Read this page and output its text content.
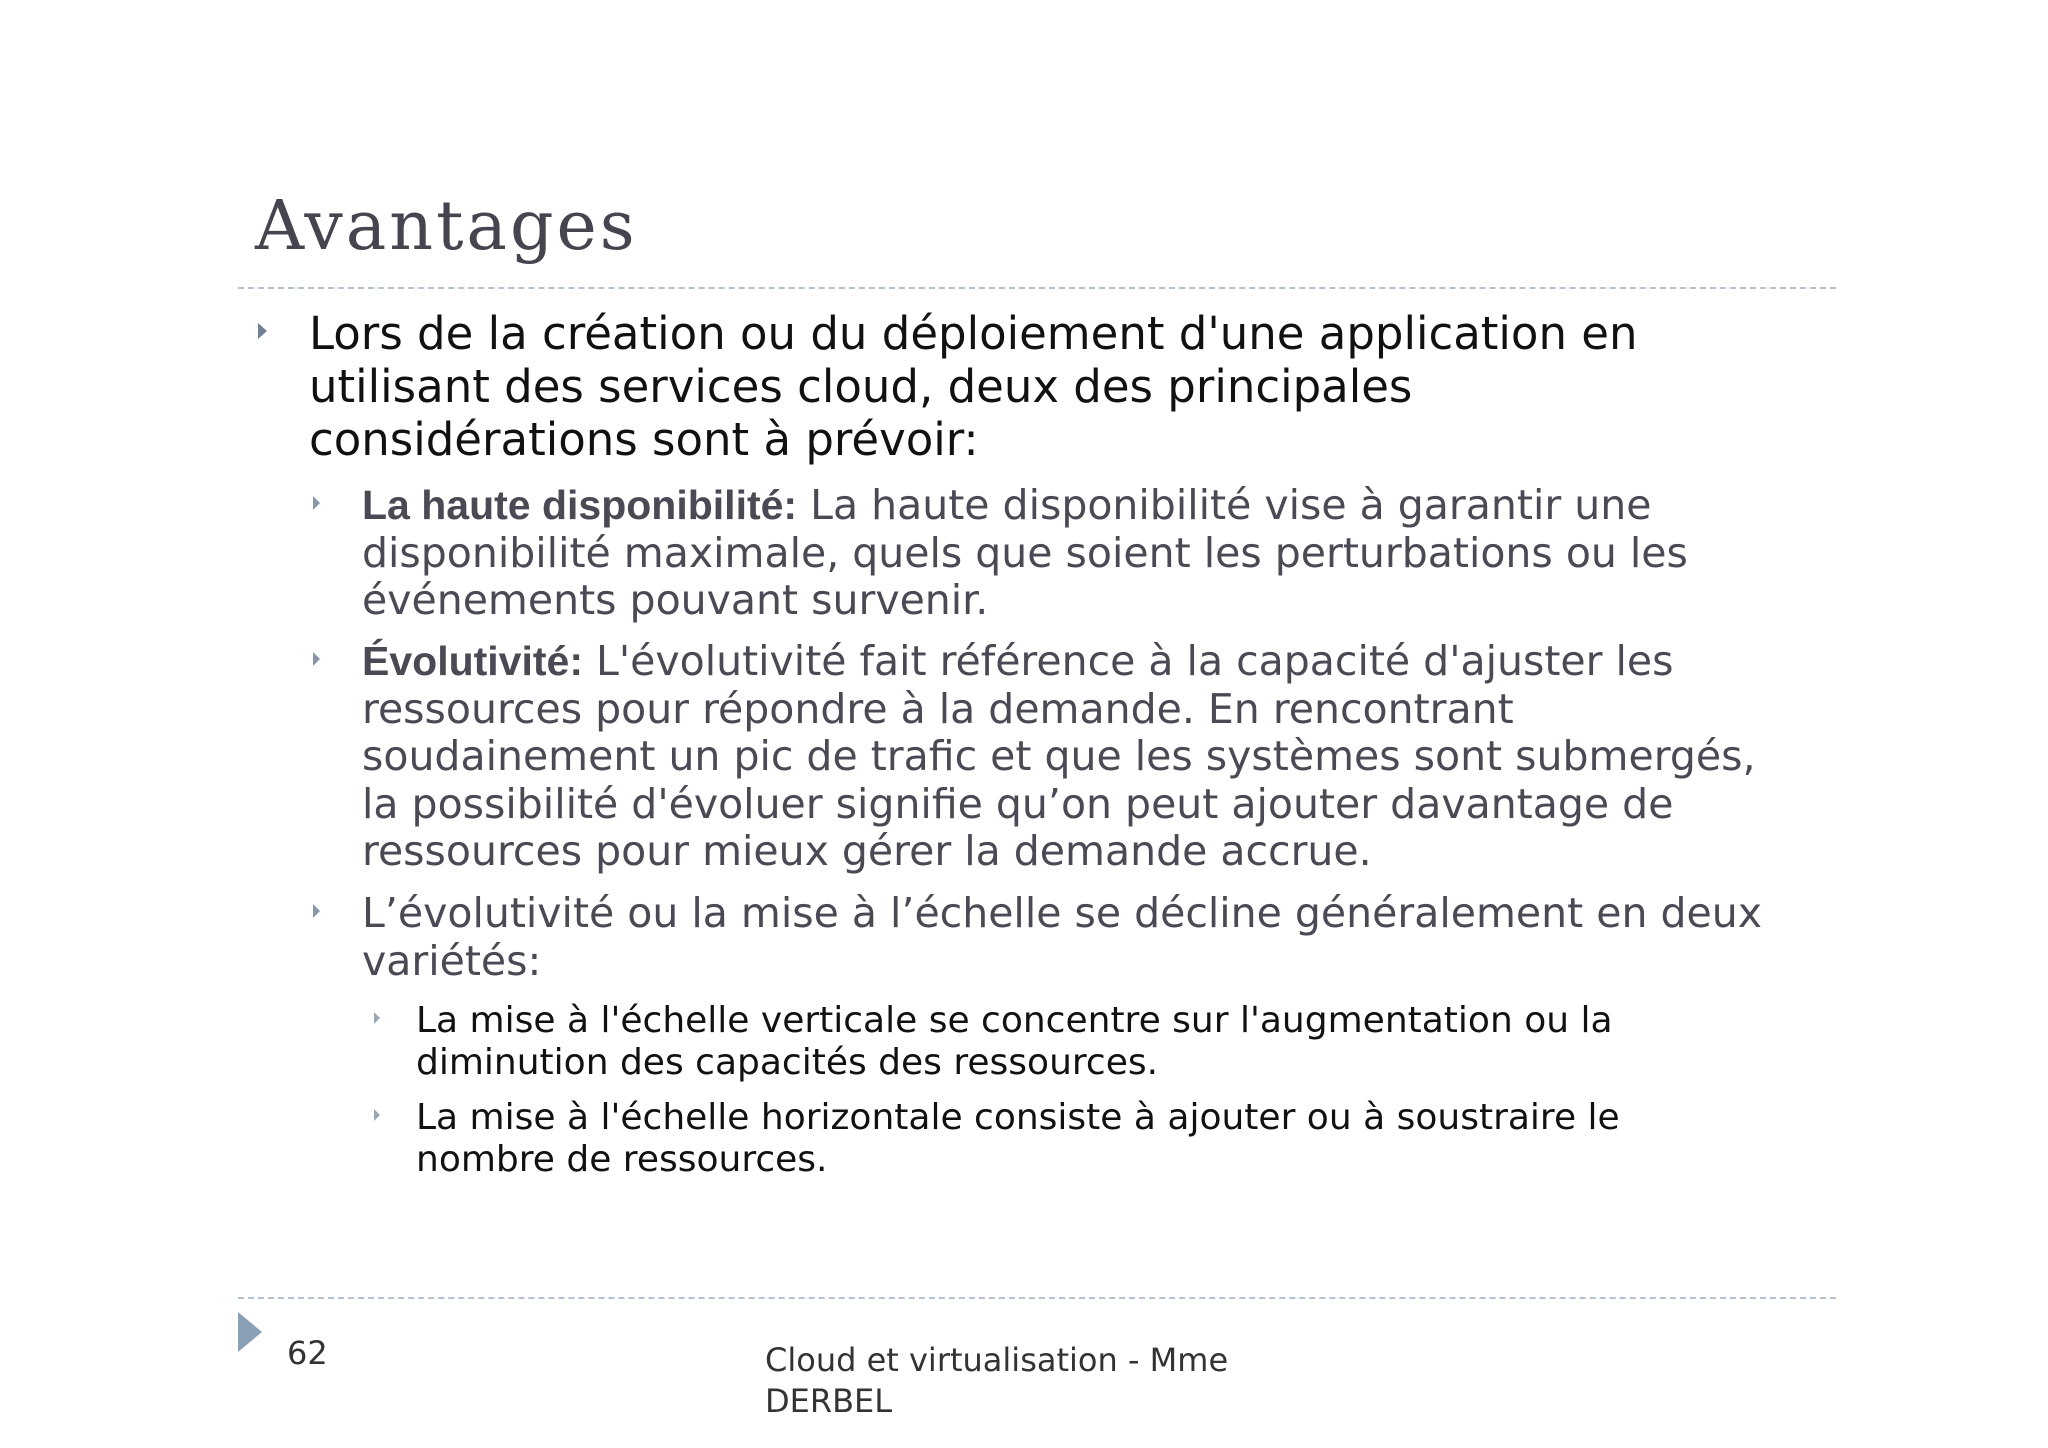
Avantages

Lors de la création ou du déploiement d'une application en utilisant des services cloud, deux des principales considérations sont à prévoir:

La haute disponibilité: La haute disponibilité vise à garantir une disponibilité maximale, quels que soient les perturbations ou les événements pouvant survenir.

Évolutivité: L'évolutivité fait référence à la capacité d'ajuster les ressources pour répondre à la demande. En rencontrant soudainement un pic de trafic et que les systèmes sont submergés, la possibilité d'évoluer signifie qu’on peut ajouter davantage de ressources pour mieux gérer la demande accrue.

L’évolutivité ou la mise à l’échelle se décline généralement en deux variétés:

La mise à l'échelle verticale se concentre sur l'augmentation ou la diminution des capacités des ressources.

La mise à l'échelle horizontale consiste à ajouter ou à soustraire le nombre de ressources.

62	Cloud et virtualisation - Mme DERBEL
